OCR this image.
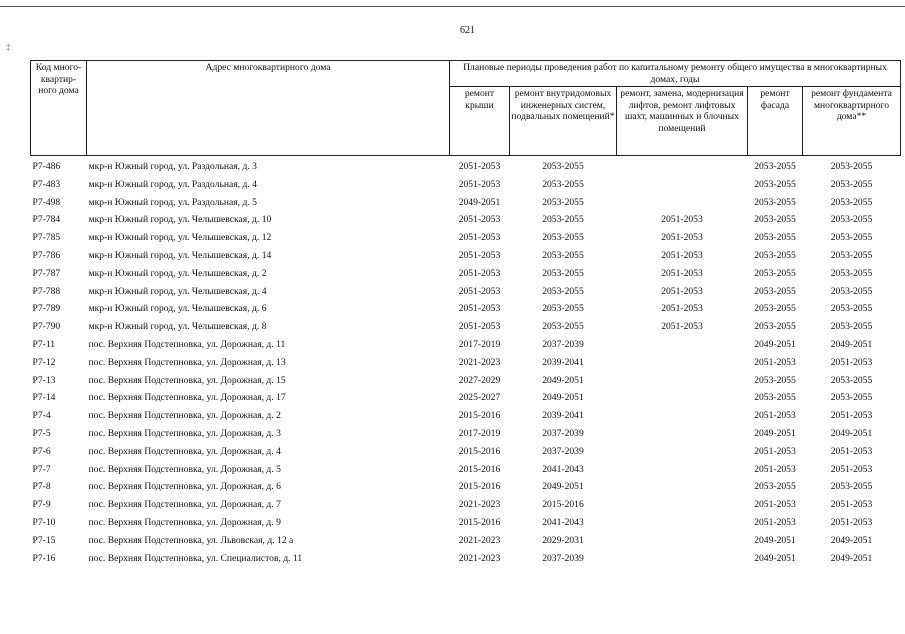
621
‡
Код много-квартир-ного дома	Адрес многоквартирного дома	Плановые периоды проведения работ по капитальному ремонту общего имущества в многоквартирных домах, годы				
		ремонт крыши	ремонт внутридомовых инженерных систем, подвальных помещений*	ремонт, замена, модернизация лифтов, ремонт лифтовых шахт, машинных и блочных помещений	ремонт фасада	ремонт фундамента многоквартирного дома**
Р7-486	мкр-н Южный город, ул. Раздольная, д. 3	2051-2053	2053-2055		2053-2055	2053-2055
Р7-483	мкр-н Южный город, ул. Раздольная, д. 4	2051-2053	2053-2055		2053-2055	2053-2055
Р7-498	мкр-н Южный город, ул. Раздольная, д. 5	2049-2051	2053-2055		2053-2055	2053-2055
Р7-784	мкр-н Южный город, ул. Челышевская, д. 10	2051-2053	2053-2055	2051-2053	2053-2055	2053-2055
Р7-785	мкр-н Южный город, ул. Челышевская, д. 12	2051-2053	2053-2055	2051-2053	2053-2055	2053-2055
Р7-786	мкр-н Южный город, ул. Челышевская, д. 14	2051-2053	2053-2055	2051-2053	2053-2055	2053-2055
Р7-787	мкр-н Южный город, ул. Челышевская, д. 2	2051-2053	2053-2055	2051-2053	2053-2055	2053-2055
Р7-788	мкр-н Южный город, ул. Челышевская, д. 4	2051-2053	2053-2055	2051-2053	2053-2055	2053-2055
Р7-789	мкр-н Южный город, ул. Челышевская, д. 6	2051-2053	2053-2055	2051-2053	2053-2055	2053-2055
Р7-790	мкр-н Южный город, ул. Челышевская, д. 8	2051-2053	2053-2055	2051-2053	2053-2055	2053-2055
Р7-11	пос. Верхняя Подстепновка, ул. Дорожная, д. 11	2017-2019	2037-2039		2049-2051	2049-2051
Р7-12	пос. Верхняя Подстепновка, ул. Дорожная, д. 13	2021-2023	2039-2041		2051-2053	2051-2053
Р7-13	пос. Верхняя Подстепновка, ул. Дорожная, д. 15	2027-2029	2049-2051		2053-2055	2053-2055
Р7-14	пос. Верхняя Подстепновка, ул. Дорожная, д. 17	2025-2027	2049-2051		2053-2055	2053-2055
Р7-4	пос. Верхняя Подстепновка, ул. Дорожная, д. 2	2015-2016	2039-2041		2051-2053	2051-2053
Р7-5	пос. Верхняя Подстепновка, ул. Дорожная, д. 3	2017-2019	2037-2039		2049-2051	2049-2051
Р7-6	пос. Верхняя Подстепновка, ул. Дорожная, д. 4	2015-2016	2037-2039		2051-2053	2051-2053
Р7-7	пос. Верхняя Подстепновка, ул. Дорожная, д. 5	2015-2016	2041-2043		2051-2053	2051-2053
Р7-8	пос. Верхняя Подстепновка, ул. Дорожная, д. 6	2015-2016	2049-2051		2053-2055	2053-2055
Р7-9	пос. Верхняя Подстепновка, ул. Дорожная, д. 7	2021-2023	2015-2016		2051-2053	2051-2053
Р7-10	пос. Верхняя Подстепновка, ул. Дорожная, д. 9	2015-2016	2041-2043		2051-2053	2051-2053
Р7-15	пос. Верхняя Подстепновка, ул. Львовская, д. 12 а	2021-2023	2029-2031		2049-2051	2049-2051
Р7-16	пос. Верхняя Подстепновка, ул. Специалистов, д. 11	2021-2023	2037-2039		2049-2051	2049-2051
